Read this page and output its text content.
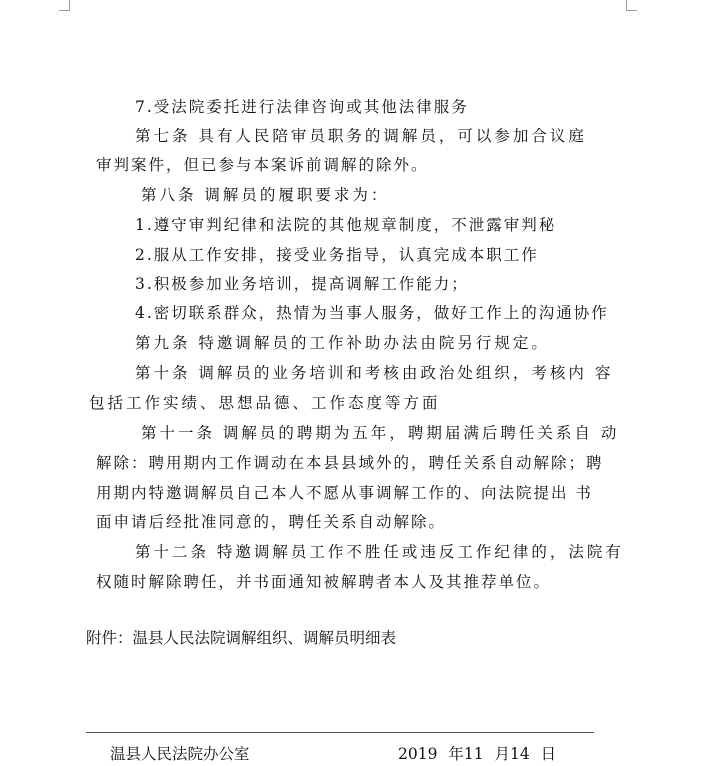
7.受法院委托进行法律咨询或其他法律服务
第七条 具有人民陪审员职务的调解员，可以参加合议庭
审判案件，但已参与本案诉前调解的除外。
第八条 调解员的履职要求为：
1.遵守审判纪律和法院的其他规章制度，不泄露审判秘
2.服从工作安排，接受业务指导，认真完成本职工作
3.积极参加业务培训，提高调解工作能力；
4.密切联系群众，热情为当事人服务，做好工作上的沟通协作
第九条 特邀调解员的工作补助办法由院另行规定。
第十条 调解员的业务培训和考核由政治处组织，考核内 容
包括工作实绩、思想品德、工作态度等方面
第十一条 调解员的聘期为五年，聘期届满后聘任关系自 动
解除：聘用期内工作调动在本县县域外的，聘任关系自动解除；聘
用期内特邀调解员自己本人不愿从事调解工作的、向法院提出 书
面申请后经批准同意的，聘任关系自动解除。
第十二条 特邀调解员工作不胜任或违反工作纪律的，法院有
权随时解除聘任，并书面通知被解聘者本人及其推荐单位。
附件：温县人民法院调解组织、调解员明细表
温县人民法院办公室	2019 年11 月14 日
